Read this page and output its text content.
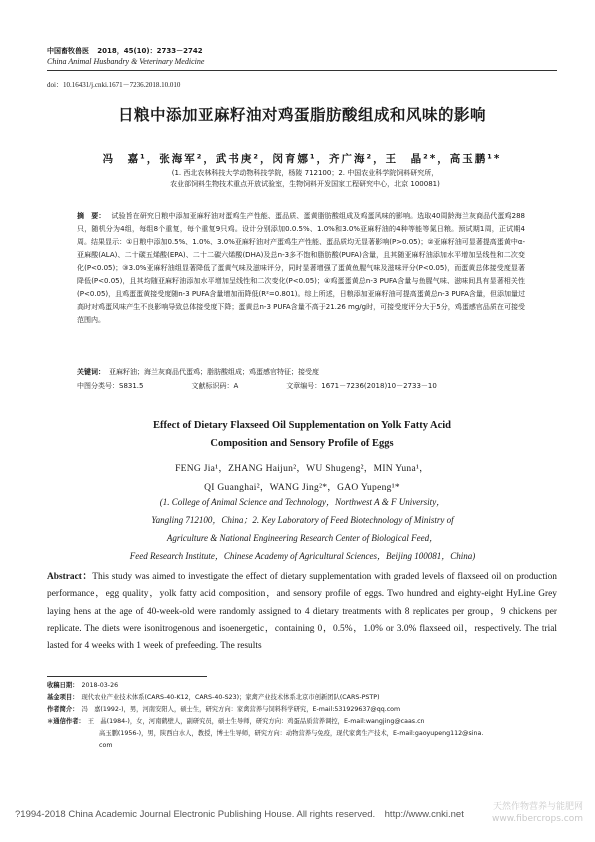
中国畜牧兽医 2018，45(10)：2733－2742
China Animal Husbandry & Veterinary Medicine
doi：10.16431/j.cnki.1671－7236.2018.10.010
日粮中添加亚麻籽油对鸡蛋脂肪酸组成和风味的影响
冯　嘉¹，张海军²，武书庚²，闵育娜¹，齐广海²，王　晶²*，高玉鹏¹*
(1. 西北农林科技大学动物科技学院，杨陵 712100；2. 中国农业科学院饲料研究所，
农业部饲料生物技术重点开放试验室，生物饲料开发国家工程研究中心，北京 100081)
摘　要： 试验旨在研究日粮中添加亚麻籽油对蛋鸡生产性能、蛋品质、蛋黄脂肪酸组成及鸡蛋风味的影响。选取40周龄海兰灰商品代蛋鸡288只，随机分为4组，每组8个重复，每个重复9只鸡。设计分别添加0.0.5%、1.0%和3.0%亚麻籽油的4种等能等氮日粮。预试期1周，正试期4周。结果显示：①日粮中添加0.5%、1.0%、3.0%亚麻籽油对产蛋鸡生产性能、蛋品质均无显著影响(P>0.05)；②亚麻籽油可显著提高蛋黄中α-亚麻酸(ALA)、二十碳五烯酸(EPA)、二十二碳六烯酸(DHA)及总n-3多不饱和脂肪酸(PUFA)含量，且其随亚麻籽油添加水平增加呈线性和二次变化(P<0.05)；③3.0%亚麻籽油组显著降低了蛋黄气味及滋味评分，同时显著增强了蛋黄鱼腥气味及滋味评分(P<0.05)，而蛋黄总体接受度显著降低(P<0.05)，且其均随亚麻籽油添加水平增加呈线性和二次变化(P<0.05)；④鸡蛋蛋黄总n-3 PUFA含量与鱼腥气味、滋味间具有显著相关性(P<0.05)，且鸡蛋蛋黄接受度随n-3 PUFA含量增加而降低(R²=0.801)。综上所述，日粮添加亚麻籽油可提高蛋黄总n-3 PUFA含量，但添加量过高时对鸡蛋风味产生不良影响导致总体接受度下降；蛋黄总n-3 PUFA含量不高于21.26 mg/g时，可接受度评分大于5分，鸡蛋感官品质在可接受范围内。
关键词： 亚麻籽油；海兰灰商品代蛋鸡；脂肪酸组成；鸡蛋感官特征；接受度
中图分类号：S831.5	文献标识码：A	文章编号：1671－7236(2018)10－2733－10
Effect of Dietary Flaxseed Oil Supplementation on Yolk Fatty Acid
Composition and Sensory Profile of Eggs
FENG Jia¹，ZHANG Haijun²，WU Shugeng²，MIN Yuna¹，
QI Guanghai²，WANG Jing²*，GAO Yupeng¹*
(1. College of Animal Science and Technology，Northwest A & F University，
Yangling 712100，China；2. Key Laboratory of Feed Biotechnology of Ministry of
Agriculture & National Engineering Research Center of Biological Feed，
Feed Research Institute，Chinese Academy of Agricultural Sciences，Beijing 100081，China)
Abstract：This study was aimed to investigate the effect of dietary supplementation with graded levels of flaxseed oil on production performance，egg quality，yolk fatty acid composition，and sensory profile of eggs. Two hundred and eighty-eight HyLine Grey laying hens at the age of 40-week-old were randomly assigned to 4 dietary treatments with 8 replicates per group，9 chickens per replicate. The diets were isonitrogenous and isoenergetic，containing 0，0.5%，1.0% or 3.0% flaxseed oil，respectively. The trial lasted for 4 weeks with 1 week of prefeeding. The results
收稿日期： 2018-03-26
基金项目： 现代农业产业技术体系(CARS-40-K12，CARS-40-S23)；家禽产业技术体系北京市创新团队(CARS-PSTP)
作者简介： 冯　嘉(1992-)，男，河南安阳人，硕士生，研究方向：家禽营养与饲料科学研究，E-mail:531929637@qq.com
＊通信作者： 王　晶(1984-)，女，河南鹤壁人，副研究员，硕士生导师，研究方向：鸡蛋品质营养调控，E-mail:wangjing@caas.cn
高玉鹏(1956-)，男，陕西白水人，教授，博士生导师，研究方向：动物营养与免疫，现代家禽生产技术，E-mail:gaoyupeng112@sina.
com
?1994-2018 China Academic Journal Electronic Publishing House. All rights reserved.　http://www.cnki.net
天然作物营养与能肥网
www.fibercrops.com
